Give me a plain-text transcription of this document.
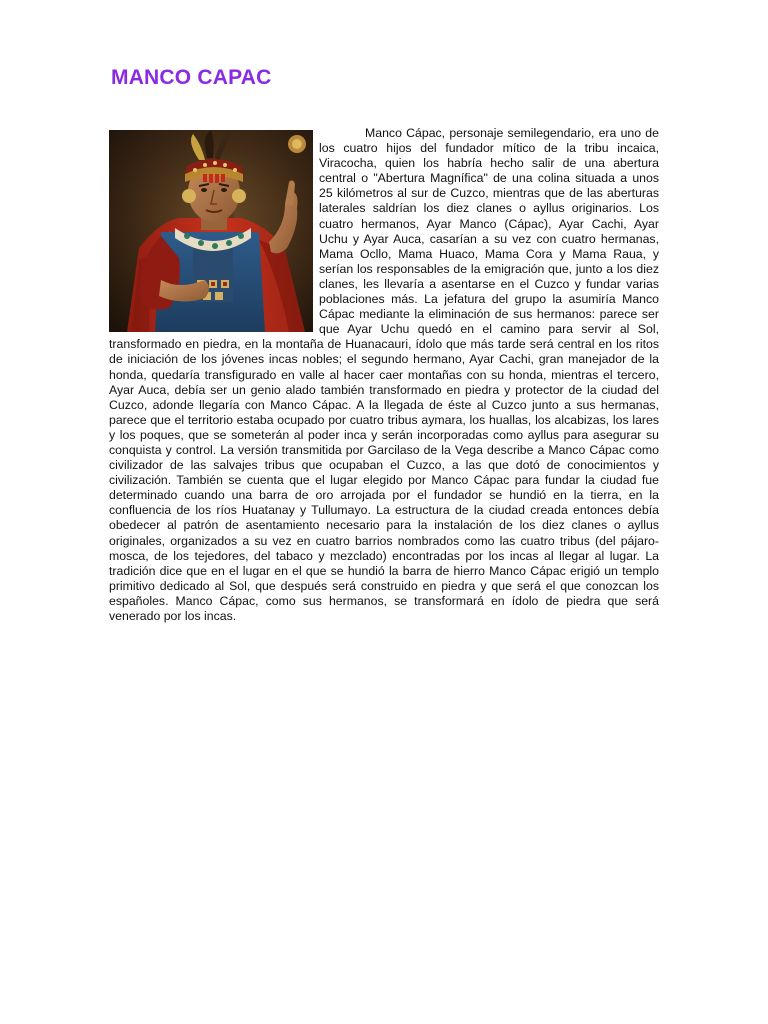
MANCO CAPAC

Manco Cápac, personaje semilegendario, era uno de los cuatro hijos del fundador mítico de la tribu incaica, Viracocha, quien los habría hecho salir de una abertura central o "Abertura Magnífica" de una colina situada a unos 25 kilómetros al sur de Cuzco, mientras que de las aberturas laterales saldrían los diez clanes o ayllus originarios. Los cuatro hermanos, Ayar Manco (Cápac), Ayar Cachi, Ayar Uchu y Ayar Auca, casarían a su vez con cuatro hermanas, Mama Ocllo, Mama Huaco, Mama Cora y Mama Raua, y serían los responsables de la emigración que, junto a los diez clanes, les llevaría a asentarse en el Cuzco y fundar varias poblaciones más. La jefatura del grupo la asumiría Manco Cápac mediante la eliminación de sus hermanos: parece ser que Ayar Uchu quedó en el camino para servir al Sol, transformado en piedra, en la montaña de Huanacauri, ídolo que más tarde será central en los ritos de iniciación de los jóvenes incas nobles; el segundo hermano, Ayar Cachi, gran manejador de la honda, quedaría transfigurado en valle al hacer caer montañas con su honda, mientras el tercero, Ayar Auca, debía ser un genio alado también transformado en piedra y protector de la ciudad del Cuzco, adonde llegaría con Manco Cápac. A la llegada de éste al Cuzco junto a sus hermanas, parece que el territorio estaba ocupado por cuatro tribus aymara, los huallas, los alcabizas, los lares y los poques, que se someterán al poder inca y serán incorporadas como ayllus para asegurar su conquista y control. La versión transmitida por Garcilaso de la Vega describe a Manco Cápac como civilizador de las salvajes tribus que ocupaban el Cuzco, a las que dotó de conocimientos y civilización. También se cuenta que el lugar elegido por Manco Cápac para fundar la ciudad fue determinado cuando una barra de oro arrojada por el fundador se hundió en la tierra, en la confluencia de los ríos Huatanay y Tullumayo. La estructura de la ciudad creada entonces debía obedecer al patrón de asentamiento necesario para la instalación de los diez clanes o ayllus originales, organizados a su vez en cuatro barrios nombrados como las cuatro tribus (del pájaro-mosca, de los tejedores, del tabaco y mezclado) encontradas por los incas al llegar al lugar. La tradición dice que en el lugar en el que se hundió la barra de hierro Manco Cápac erigió un templo primitivo dedicado al Sol, que después será construido en piedra y que será el que conozcan los españoles. Manco Cápac, como sus hermanos, se transformará en ídolo de piedra que será venerado por los incas.
